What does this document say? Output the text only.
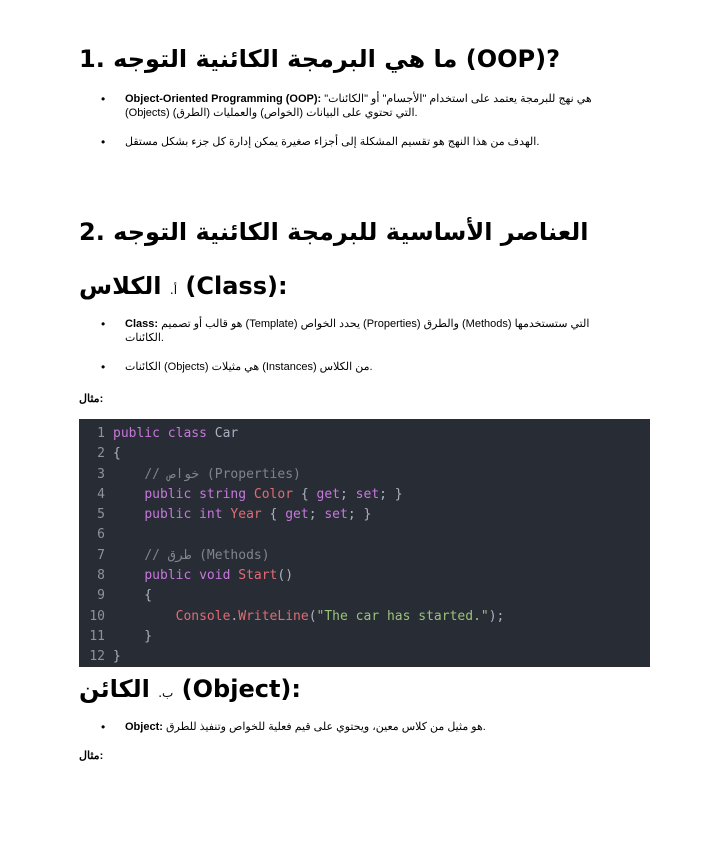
1. ما هي البرمجة الكائنية التوجه (OOP)?
• Object-Oriented Programming (OOP): "هي نهج للبرمجة يعتمد على استخدام "الأجسام" أو "الكائنات (Objects) التي تحتوي على البيانات (الخواص) والعمليات (الطرق).
• الهدف من هذا النهج هو تقسيم المشكلة إلى أجزاء صغيرة يمكن إدارة كل جزء بشكل مستقل.
2. العناصر الأساسية للبرمجة الكائنية التوجه
أ. الكلاس (Class):
• Class: هو قالب أو تصميم (Template) يحدد الخواص (Properties) والطرق (Methods) التي ستستخدمها الكائنات.
• الكائنات (Objects) هي مثيلات (Instances) من الكلاس.
مثال:
1 public class Car
2 {
3	// خواص (Properties)
4	public string Color { get; set; }
5	public int Year { get; set; }
6
7	// طرق (Methods)
8	public void Start()
9    {
10	Console.WriteLine("The car has started.");
11    }
12 }
ب. الكائن (Object):
• Object: هو مثيل من كلاس معين، ويحتوي على قيم فعلية للخواص وتنفيذ للطرق.
مثال:
